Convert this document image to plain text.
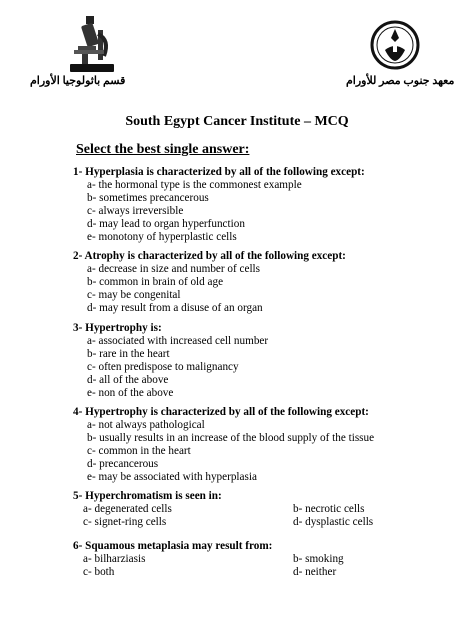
قسم باثولوجيا الأورام	معهد جنوب مصر للأورام
South Egypt Cancer Institute – MCQ
Select the best single answer:
1- Hyperplasia is characterized by all of the following except:
a- the hormonal type is the commonest example
b- sometimes precancerous
c- always irreversible
d- may lead to organ hyperfunction
e- monotony of hyperplastic cells
2- Atrophy is characterized by all of the following except:
a- decrease in size and number of cells
b- common in brain of old age
c- may be congenital
d- may result from a disuse of an organ
3- Hypertrophy is:
a- associated with increased cell number
b- rare in the heart
c- often predispose to malignancy
d- all of the above
e- non of the above
4- Hypertrophy is characterized by all of the following except:
a- not always pathological
b- usually results in an increase of the blood supply of the tissue
c- common in the heart
d- precancerous
e- may be associated with hyperplasia
5- Hyperchromatism is seen in:
a- degenerated cells	b- necrotic cells
c- signet-ring cells	d- dysplastic cells
6- Squamous metaplasia may result from:
a- bilharziasis	b- smoking
c- both	d- neither
